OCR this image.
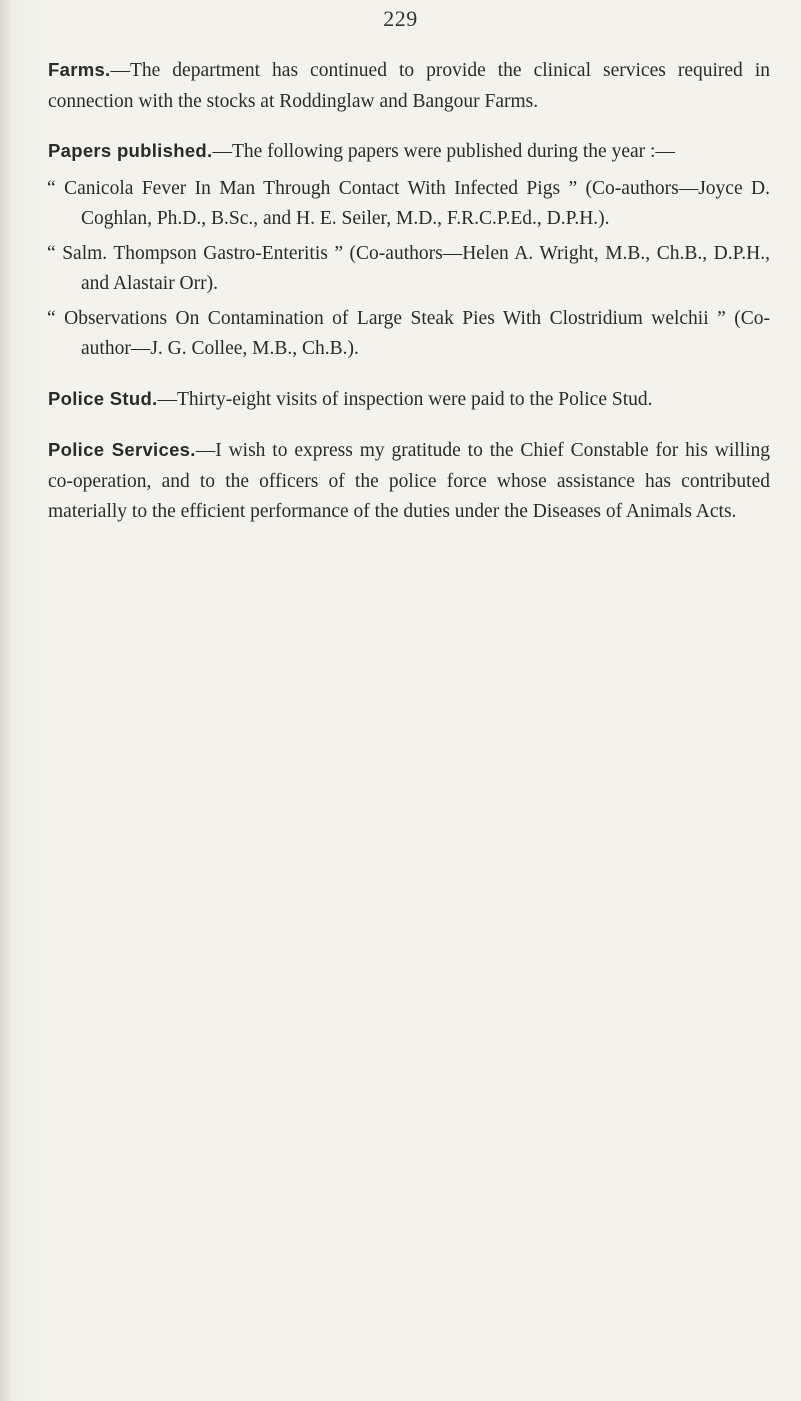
229

Farms.—The department has continued to provide the clinical services required in connection with the stocks at Roddinglaw and Bangour Farms.

Papers published.—The following papers were published during the year :—

“ Canicola Fever In Man Through Contact With Infected Pigs ” (Co-authors—Joyce D. Coghlan, Ph.D., B.Sc., and H. E. Seiler, M.D., F.R.C.P.Ed., D.P.H.).

“ Salm. Thompson Gastro-Enteritis ” (Co-authors—Helen A. Wright, M.B., Ch.B., D.P.H., and Alastair Orr).

“ Observations On Contamination of Large Steak Pies With Clostridium welchii ” (Co-author—J. G. Collee, M.B., Ch.B.).

Police Stud.—Thirty-eight visits of inspection were paid to the Police Stud.

Police Services.—I wish to express my gratitude to the Chief Constable for his willing co-operation, and to the officers of the police force whose assistance has contributed materially to the efficient performance of the duties under the Diseases of Animals Acts.
